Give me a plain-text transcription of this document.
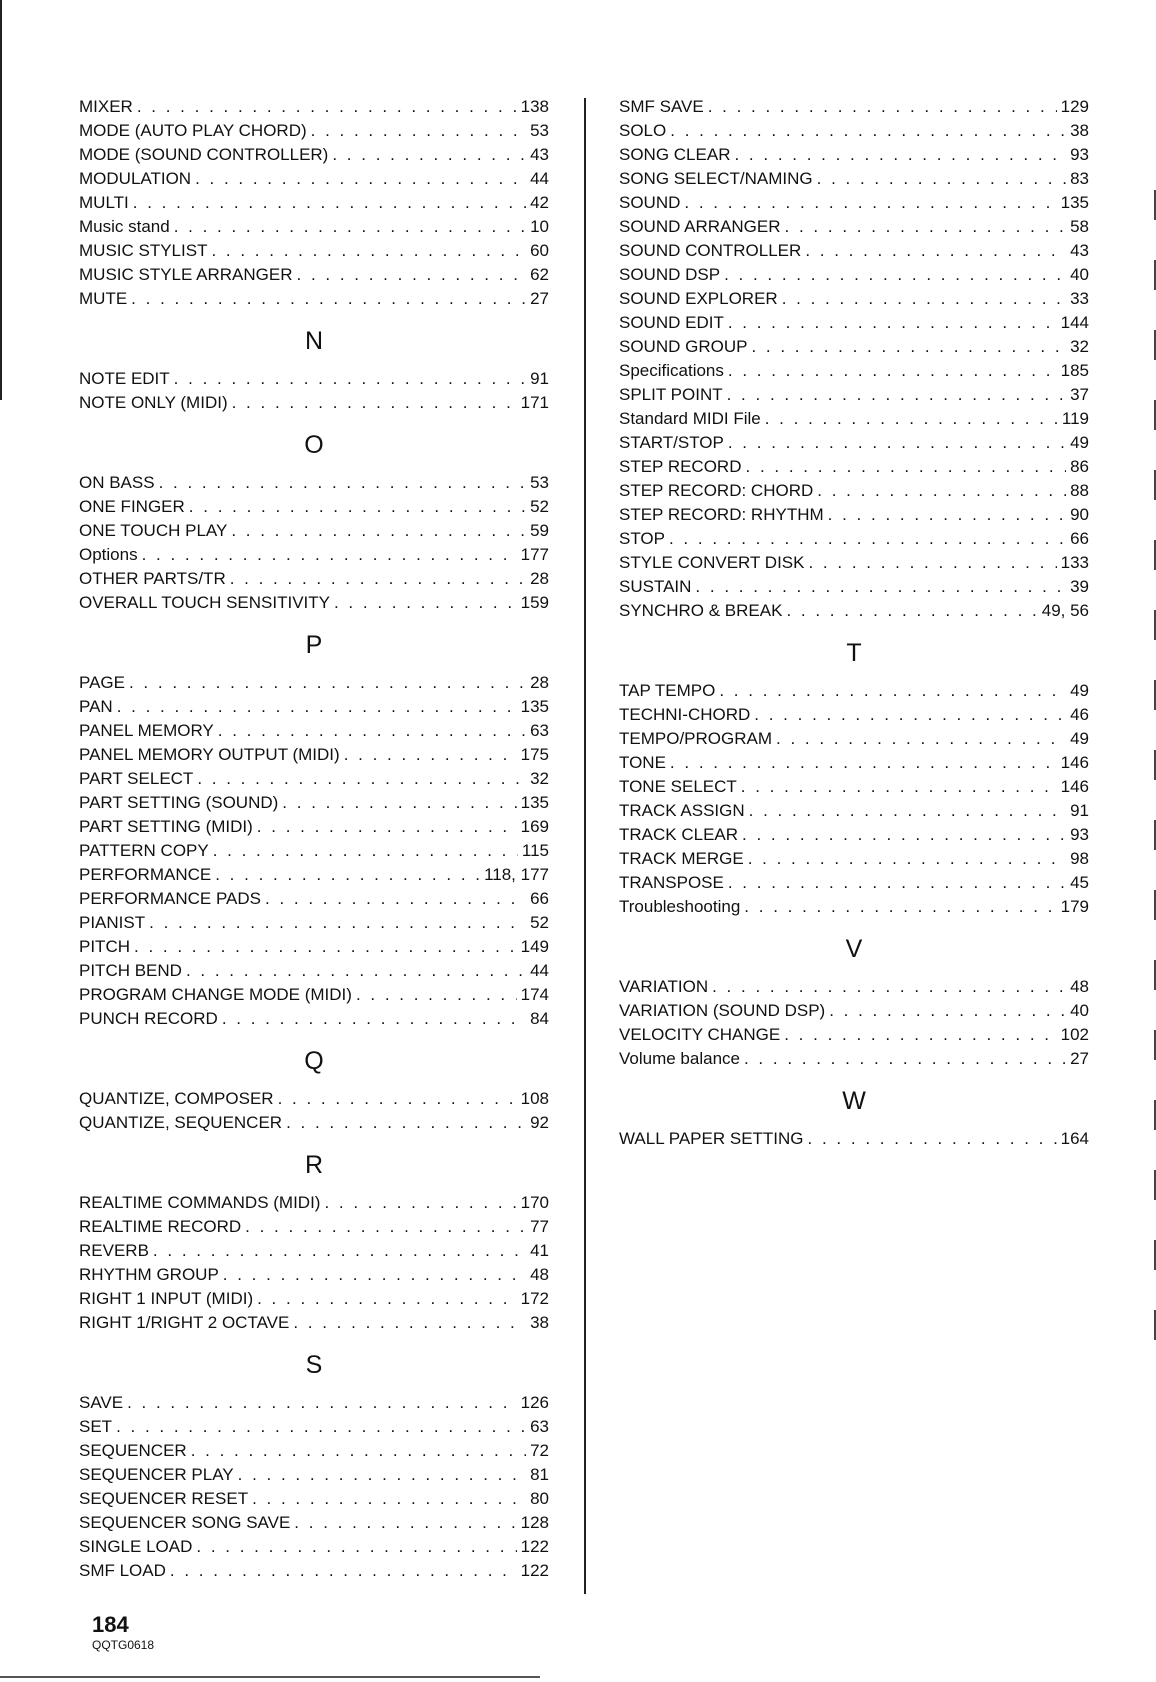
MIXER . . .	138
MODE (AUTO PLAY CHORD) . . .	53
MODE (SOUND CONTROLLER) . . .	43
MODULATION . . .	44
MULTI . . .	42
Music stand . . .	10
MUSIC STYLIST . . .	60
MUSIC STYLE ARRANGER . . .	62
MUTE . . .	27
N
NOTE EDIT . . .	91
NOTE ONLY (MIDI) . . .	171
O
ON BASS . . .	53
ONE FINGER . . .	52
ONE TOUCH PLAY . . .	59
Options . . .	177
OTHER PARTS/TR . . .	28
OVERALL TOUCH SENSITIVITY . . .	159
P
PAGE . . .	28
PAN . . .	135
PANEL MEMORY . . .	63
PANEL MEMORY OUTPUT (MIDI) . . .	175
PART SELECT . . .	32
PART SETTING (SOUND) . . .	135
PART SETTING (MIDI) . . .	169
PATTERN COPY . . .	115
PERFORMANCE . . .	118, 177
PERFORMANCE PADS . . .	66
PIANIST . . .	52
PITCH . . .	149
PITCH BEND . . .	44
PROGRAM CHANGE MODE (MIDI) . . .	174
PUNCH RECORD . . .	84
Q
QUANTIZE, COMPOSER . . .	108
QUANTIZE, SEQUENCER . . .	92
R
REALTIME COMMANDS (MIDI) . . .	170
REALTIME RECORD . . .	77
REVERB . . .	41
RHYTHM GROUP . . .	48
RIGHT 1 INPUT (MIDI) . . .	172
RIGHT 1/RIGHT 2 OCTAVE . . .	38
S
SAVE . . .	126
SET . . .	63
SEQUENCER . . .	72
SEQUENCER PLAY . . .	81
SEQUENCER RESET . . .	80
SEQUENCER SONG SAVE . . .	128
SINGLE LOAD . . .	122
SMF LOAD . . .	122
SMF SAVE . . .	129
SOLO . . .	38
SONG CLEAR . . .	93
SONG SELECT/NAMING . . .	83
SOUND . . .	135
SOUND ARRANGER . . .	58
SOUND CONTROLLER . . .	43
SOUND DSP . . .	40
SOUND EXPLORER . . .	33
SOUND EDIT . . .	144
SOUND GROUP . . .	32
Specifications . . .	185
SPLIT POINT . . .	37
Standard MIDI File . . .	119
START/STOP . . .	49
STEP RECORD . . .	86
STEP RECORD: CHORD . . .	88
STEP RECORD: RHYTHM . . .	90
STOP . . .	66
STYLE CONVERT DISK . . .	133
SUSTAIN . . .	39
SYNCHRO & BREAK . . .	49, 56
T
TAP TEMPO . . .	49
TECHNI-CHORD . . .	46
TEMPO/PROGRAM . . .	49
TONE . . .	146
TONE SELECT . . .	146
TRACK ASSIGN . . .	91
TRACK CLEAR . . .	93
TRACK MERGE . . .	98
TRANSPOSE . . .	45
Troubleshooting . . .	179
V
VARIATION . . .	48
VARIATION (SOUND DSP) . . .	40
VELOCITY CHANGE . . .	102
Volume balance . . .	27
W
WALL PAPER SETTING . . .	164
184
QQTG0618
